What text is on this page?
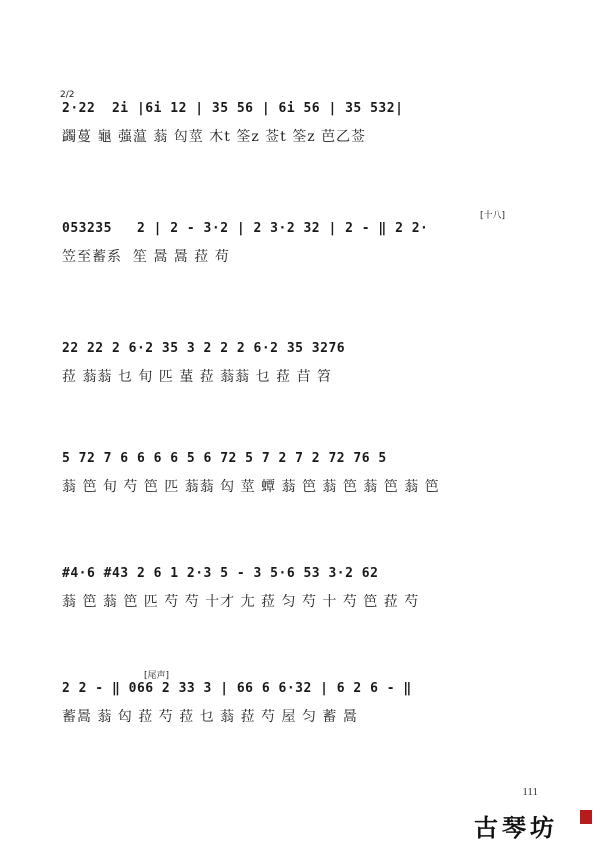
2/2
2·22  2i |6i 12 | 35 56 | 6i 56 | 35 532|
蠲蔓 龜 蔃蕰 蓊 匃莖 木t 筌z 莶t 筌z 芭乙莶
[十八]
053235   2 | 2 - 3·2 | 2 3·2 32 | 2 - ‖ 2 2·
笠至蓄系  笙 暠 暠 菈 苟
22 22 2 6·2 35 3 2 2 2 6·2 35 3276
菈 蓊蓊 乜 旬 匹 蓳 菈 蓊蓊 乜 菈 䒤 笤
5 72 7 6 6 6 6 5 6 72 5 7 2 7 2 72 76 5
蓊 笆 旬 芍 笆 匹 蓊蓊 匃 莖 蟫 蓊 笆 蓊 笆 蓊 笆 蓊 笆
#4·6 #43 2 6 1 2·3 5 - 3 5·6 53 3·2 62
蓊 笆 蓊 笆 匹 芍 芍 十才 尢 菈 匀 芍 十 芍 笆 菈 芍
[尾声]
2 2 - ‖ 066 2 33 3 | 66 6 6·32 | 6 2 6 - ‖
蓄暠 蓊 匃 菈 芍 菈 乜 蓊 菈 芍 屋 匀 蓄 暠
111
古琴坊
